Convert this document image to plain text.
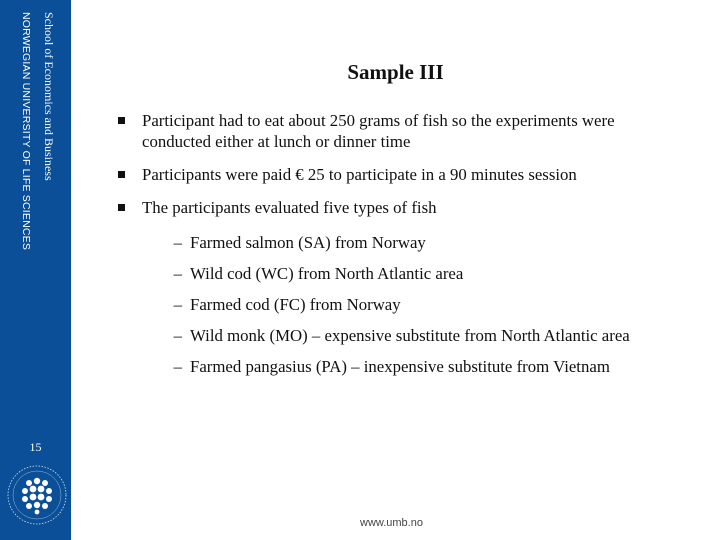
School of Economics and Business
NORWEGIAN UNIVERSITY OF LIFE SCIENCES
15
Sample III
Participant had to eat about 250 grams of fish so the experiments were conducted either at lunch or dinner time
Participants were paid € 25 to participate in a 90 minutes session
The participants evaluated five types of fish
– Farmed salmon (SA) from Norway
– Wild cod (WC) from North Atlantic area
– Farmed cod (FC) from Norway
– Wild monk (MO) – expensive substitute from North Atlantic area
– Farmed pangasius (PA) – inexpensive substitute from Vietnam
www.umb.no
